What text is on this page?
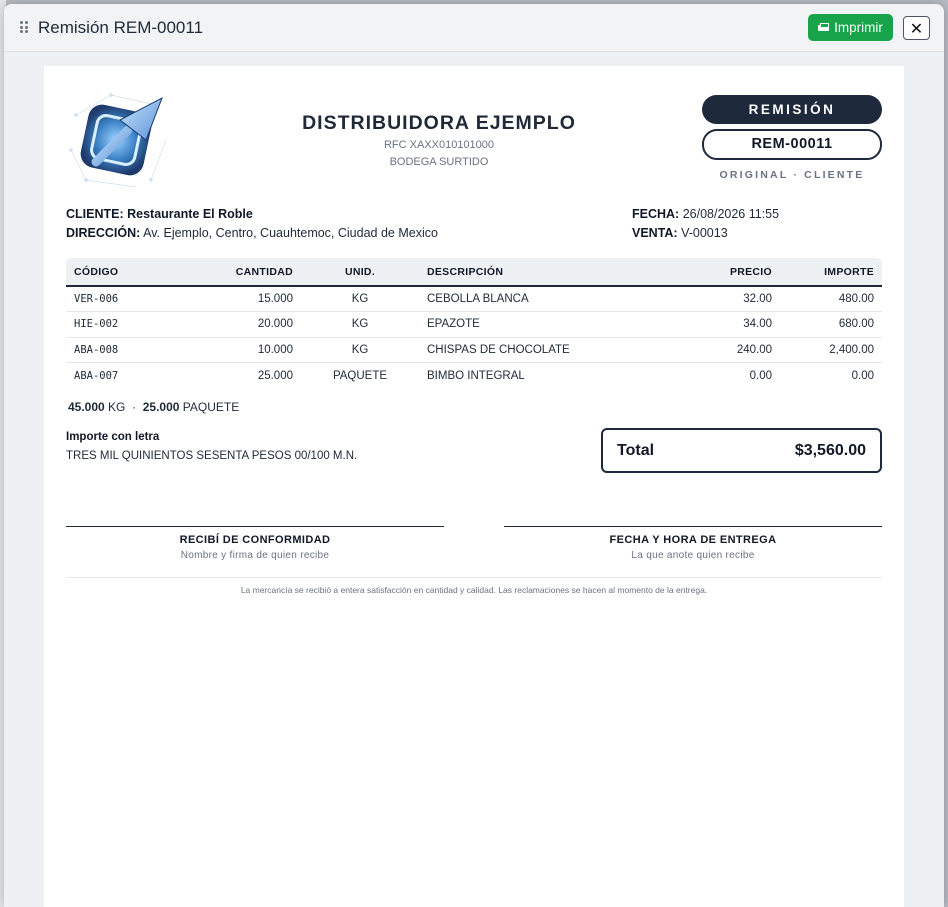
Remisión REM-00011	Imprimir ✕
DISTRIBUIDORA EJEMPLO
RFC XAXX010101000
BODEGA SURTIDO
REMISIÓN
REM-00011
ORIGINAL · CLIENTE
CLIENTE: Restaurante El Roble
DIRECCIÓN: Av. Ejemplo, Centro, Cuauhtemoc, Ciudad de Mexico
FECHA: 26/08/2026 11:55
VENTA: V-00013
CÓDIGO	CANTIDAD	UNID.	DESCRIPCIÓN	PRECIO	IMPORTE
VER-006	15.000	KG	CEBOLLA BLANCA	32.00	480.00
HIE-002	20.000	KG	EPAZOTE	34.00	680.00
ABA-008	10.000	KG	CHISPAS DE CHOCOLATE	240.00	2,400.00
ABA-007	25.000	PAQUETE	BIMBO INTEGRAL	0.00	0.00
45.000 KG · 25.000 PAQUETE
Importe con letra
TRES MIL QUINIENTOS SESENTA PESOS 00/100 M.N.	Total	$3,560.00
RECIBÍ DE CONFORMIDAD
Nombre y firma de quien recibe
FECHA Y HORA DE ENTREGA
La que anote quien recibe
La mercancía se recibió a entera satisfacción en cantidad y calidad. Las reclamaciones se hacen al momento de la entrega.
